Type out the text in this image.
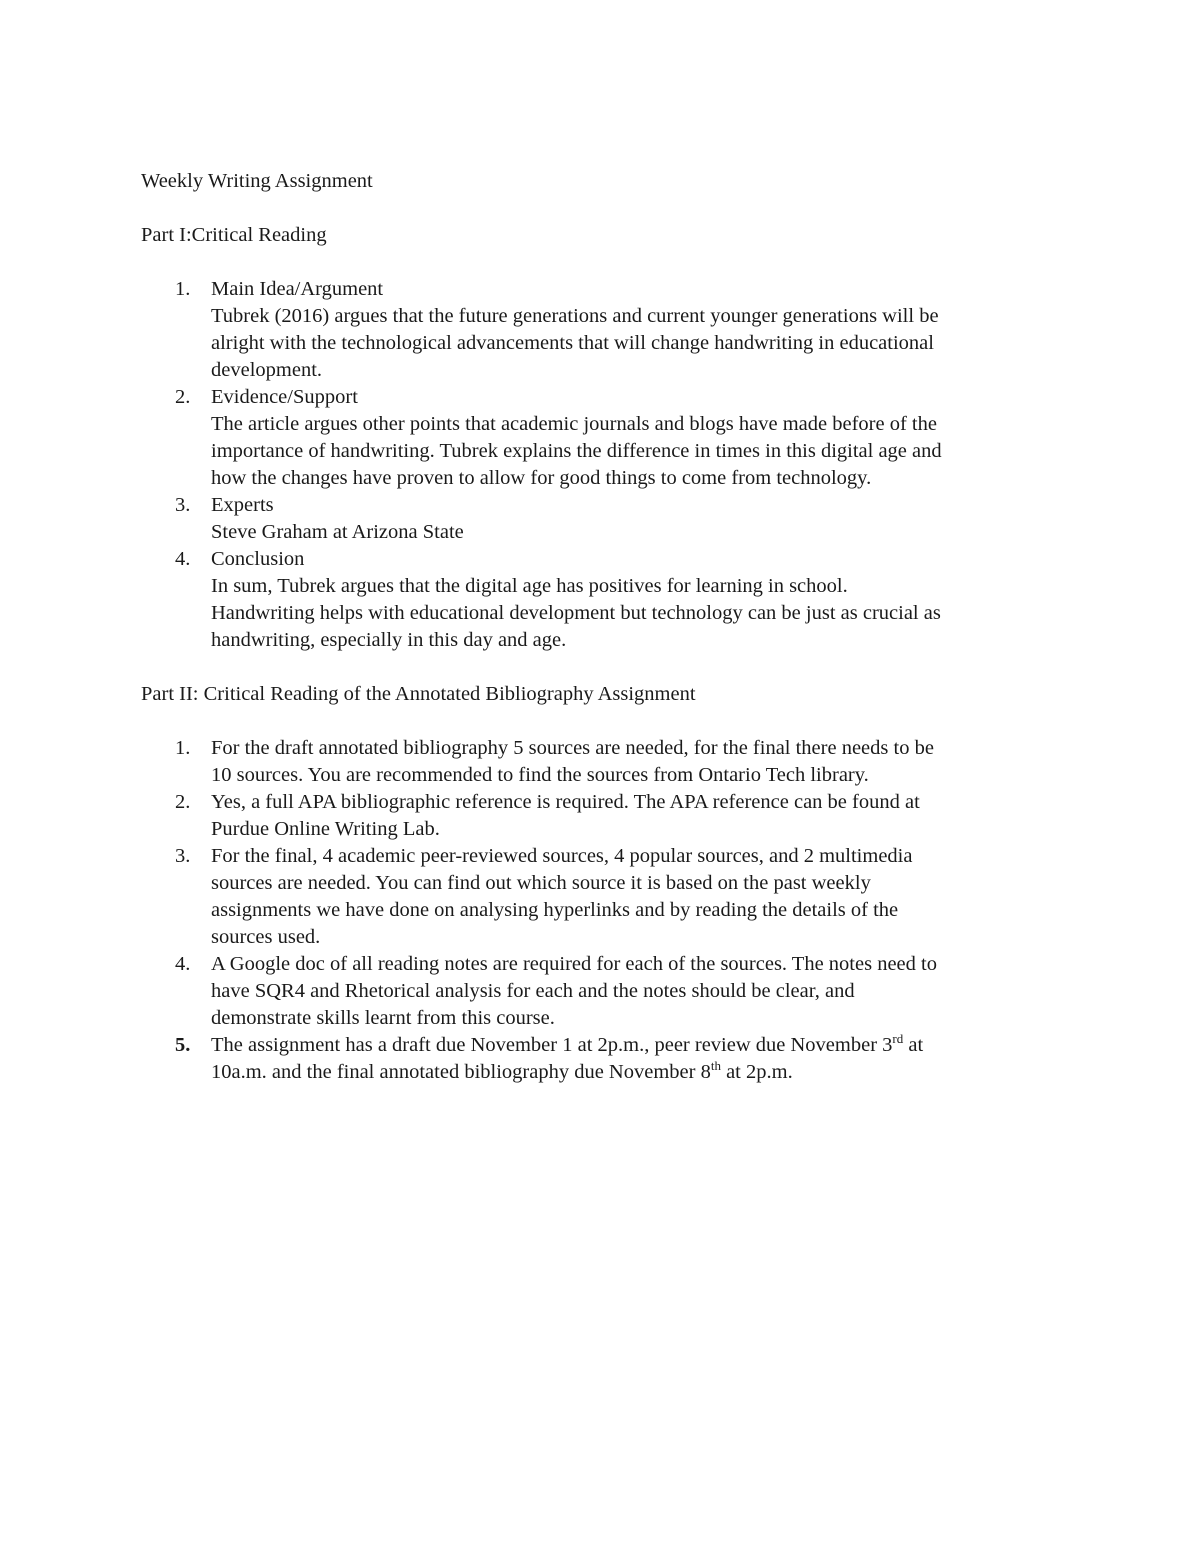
Weekly Writing Assignment

Part I:Critical Reading

1. Main Idea/Argument
Tubrek (2016) argues that the future generations and current younger generations will be
alright with the technological advancements that will change handwriting in educational
development.
2. Evidence/Support
The article argues other points that academic journals and blogs have made before of the
importance of handwriting. Tubrek explains the difference in times in this digital age and
how the changes have proven to allow for good things to come from technology.
3. Experts
Steve Graham at Arizona State
4. Conclusion
In sum, Tubrek argues that the digital age has positives for learning in school.
Handwriting helps with educational development but technology can be just as crucial as
handwriting, especially in this day and age.

Part II: Critical Reading of the Annotated Bibliography Assignment

1. For the draft annotated bibliography 5 sources are needed, for the final there needs to be
10 sources. You are recommended to find the sources from Ontario Tech library.
2. Yes, a full APA bibliographic reference is required. The APA reference can be found at
Purdue Online Writing Lab.
3. For the final, 4 academic peer-reviewed sources, 4 popular sources, and 2 multimedia
sources are needed. You can find out which source it is based on the past weekly
assignments we have done on analysing hyperlinks and by reading the details of the
sources used.
4. A Google doc of all reading notes are required for each of the sources. The notes need to
have SQR4 and Rhetorical analysis for each and the notes should be clear, and
demonstrate skills learnt from this course.
5. The assignment has a draft due November 1 at 2p.m., peer review due November 3rd at
10a.m. and the final annotated bibliography due November 8th at 2p.m.
